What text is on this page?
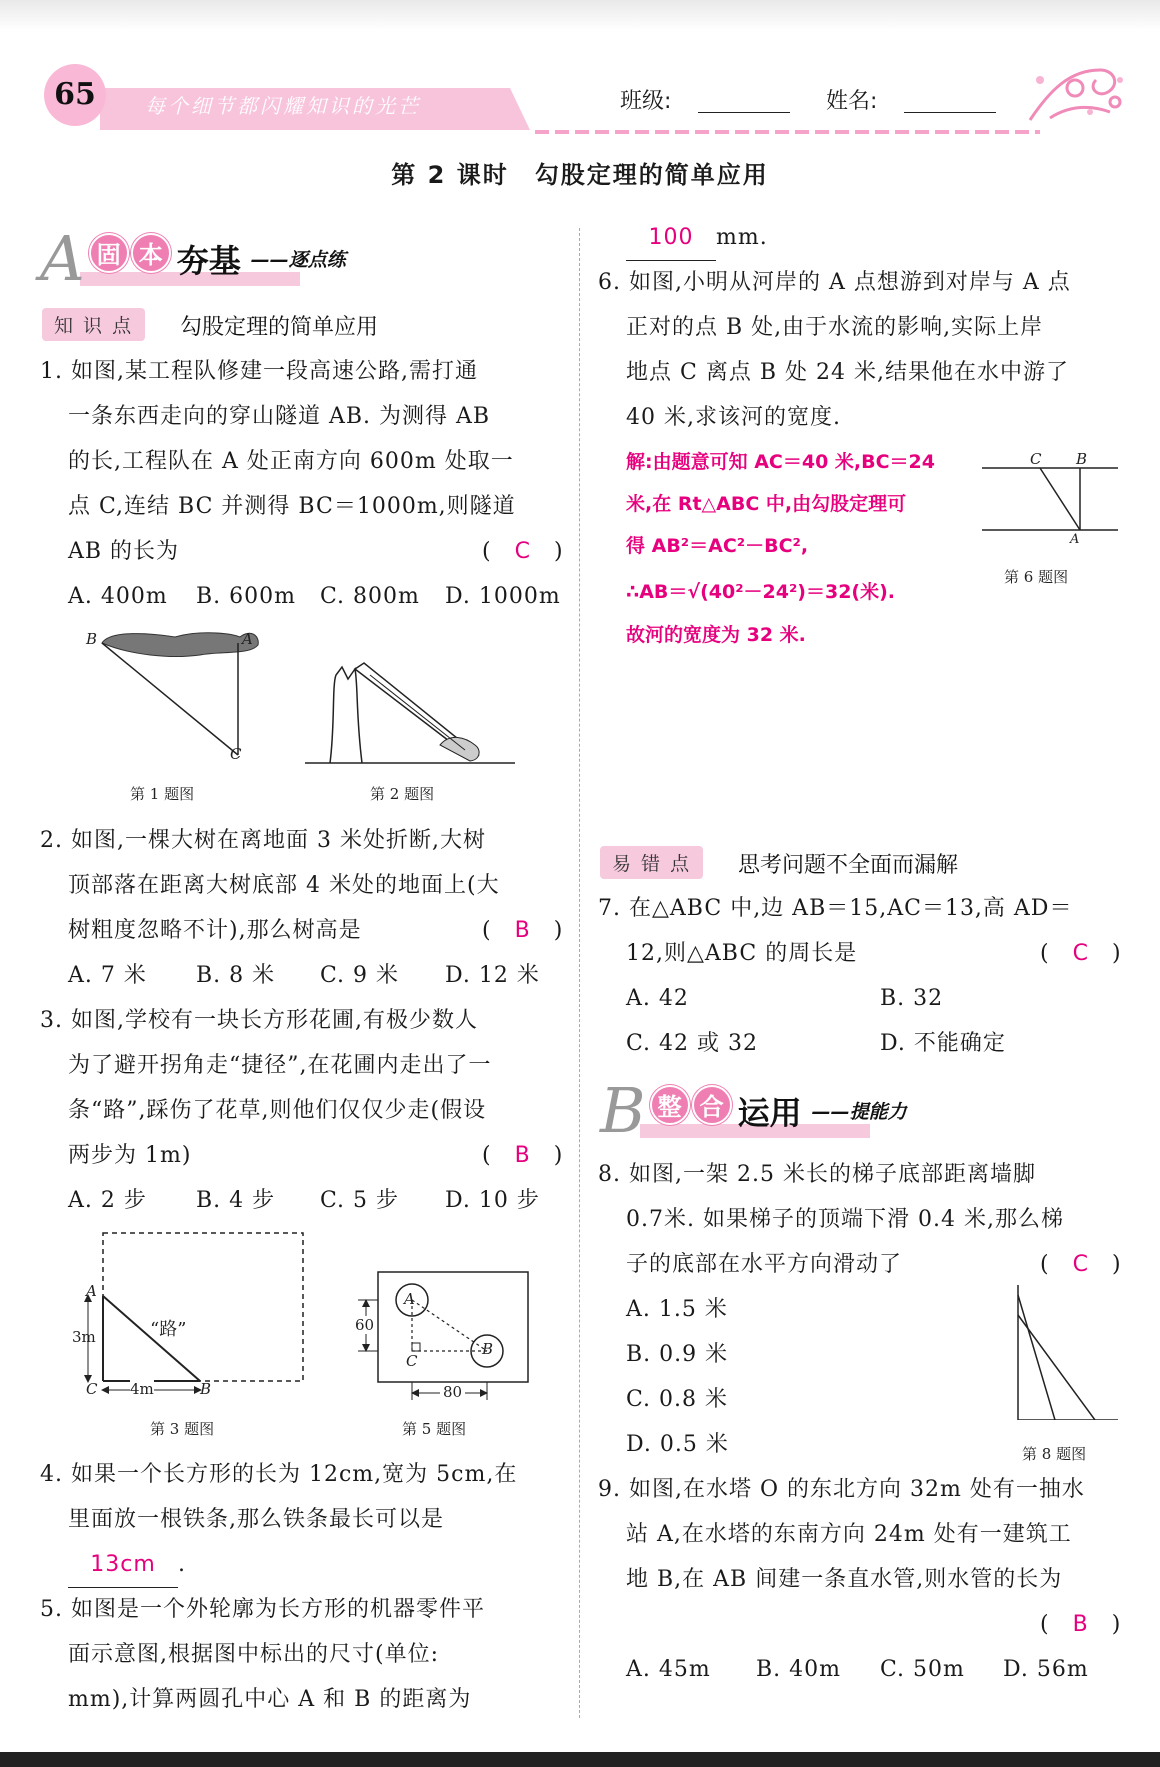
65	每个细节都闪耀知识的光芒	班级:	姓名:
第 2 课时　勾股定理的简单应用
A 固 本 夯基 ——逐点练
知 识 点	勾股定理的简单应用
1. 如图,某工程队修建一段高速公路,需打通
一条东西走向的穿山隧道 AB. 为测得 AB
的长,工程队在 A 处正南方向 600m 处取一
点 C,连结 BC 并测得 BC＝1000m,则隧道
AB 的长为	(　C　)
A. 400m B. 600m C. 800m D. 1000m
B	A
C
第 1 题图	第 2 题图
2. 如图,一棵大树在离地面 3 米处折断,大树
顶部落在距离大树底部 4 米处的地面上(大
树粗度忽略不计),那么树高是	(　B　)
A. 7 米 B. 8 米 C. 9 米 D. 12 米
3. 如图,学校有一块长方形花圃,有极少数人
为了避开拐角走“捷径”,在花圃内走出了一
条“路”,踩伤了花草,则他们仅仅少走(假设
两步为 1m)	(　B　)
A. 2 步 B. 4 步 C. 5 步 D. 10 步
A
C	B
“路”
3m
4m
第 3 题图
A
B
C
60
80
第 5 题图
4. 如果一个长方形的长为 12cm,宽为 5cm,在
里面放一根铁条,那么铁条最长可以是
13cm .
5. 如图是一个外轮廓为长方形的机器零件平
面示意图,根据图中标出的尺寸(单位:
mm),计算两圆孔中心 A 和 B 的距离为
100 mm.
6. 如图,小明从河岸的 A 点想游到对岸与 A 点
正对的点 B 处,由于水流的影响,实际上岸
地点 C 离点 B 处 24 米,结果他在水中游了
40 米,求该河的宽度.
解:由题意可知 AC＝40 米,BC＝24
米,在 Rt△ABC 中,由勾股定理可
得 AB²＝AC²－BC²,
∴AB＝√(40²－24²)＝32(米).
故河的宽度为 32 米.
C B
A
第 6 题图
易 错 点	思考问题不全面而漏解
7. 在△ABC 中,边 AB＝15,AC＝13,高 AD＝
12,则△ABC 的周长是	(　C　)
A. 42	B. 32
C. 42 或 32	D. 不能确定
B 整 合 运用 ——提能力
8. 如图,一架 2.5 米长的梯子底部距离墙脚
0.7米. 如果梯子的顶端下滑 0.4 米,那么梯
子的底部在水平方向滑动了	(　C　)
A. 1.5 米
B. 0.9 米
C. 0.8 米
D. 0.5 米	第 8 题图
9. 如图,在水塔 O 的东北方向 32m 处有一抽水
站 A,在水塔的东南方向 24m 处有一建筑工
地 B,在 AB 间建一条直水管,则水管的长为
(　B　)
A. 45m B. 40m C. 50m D. 56m
